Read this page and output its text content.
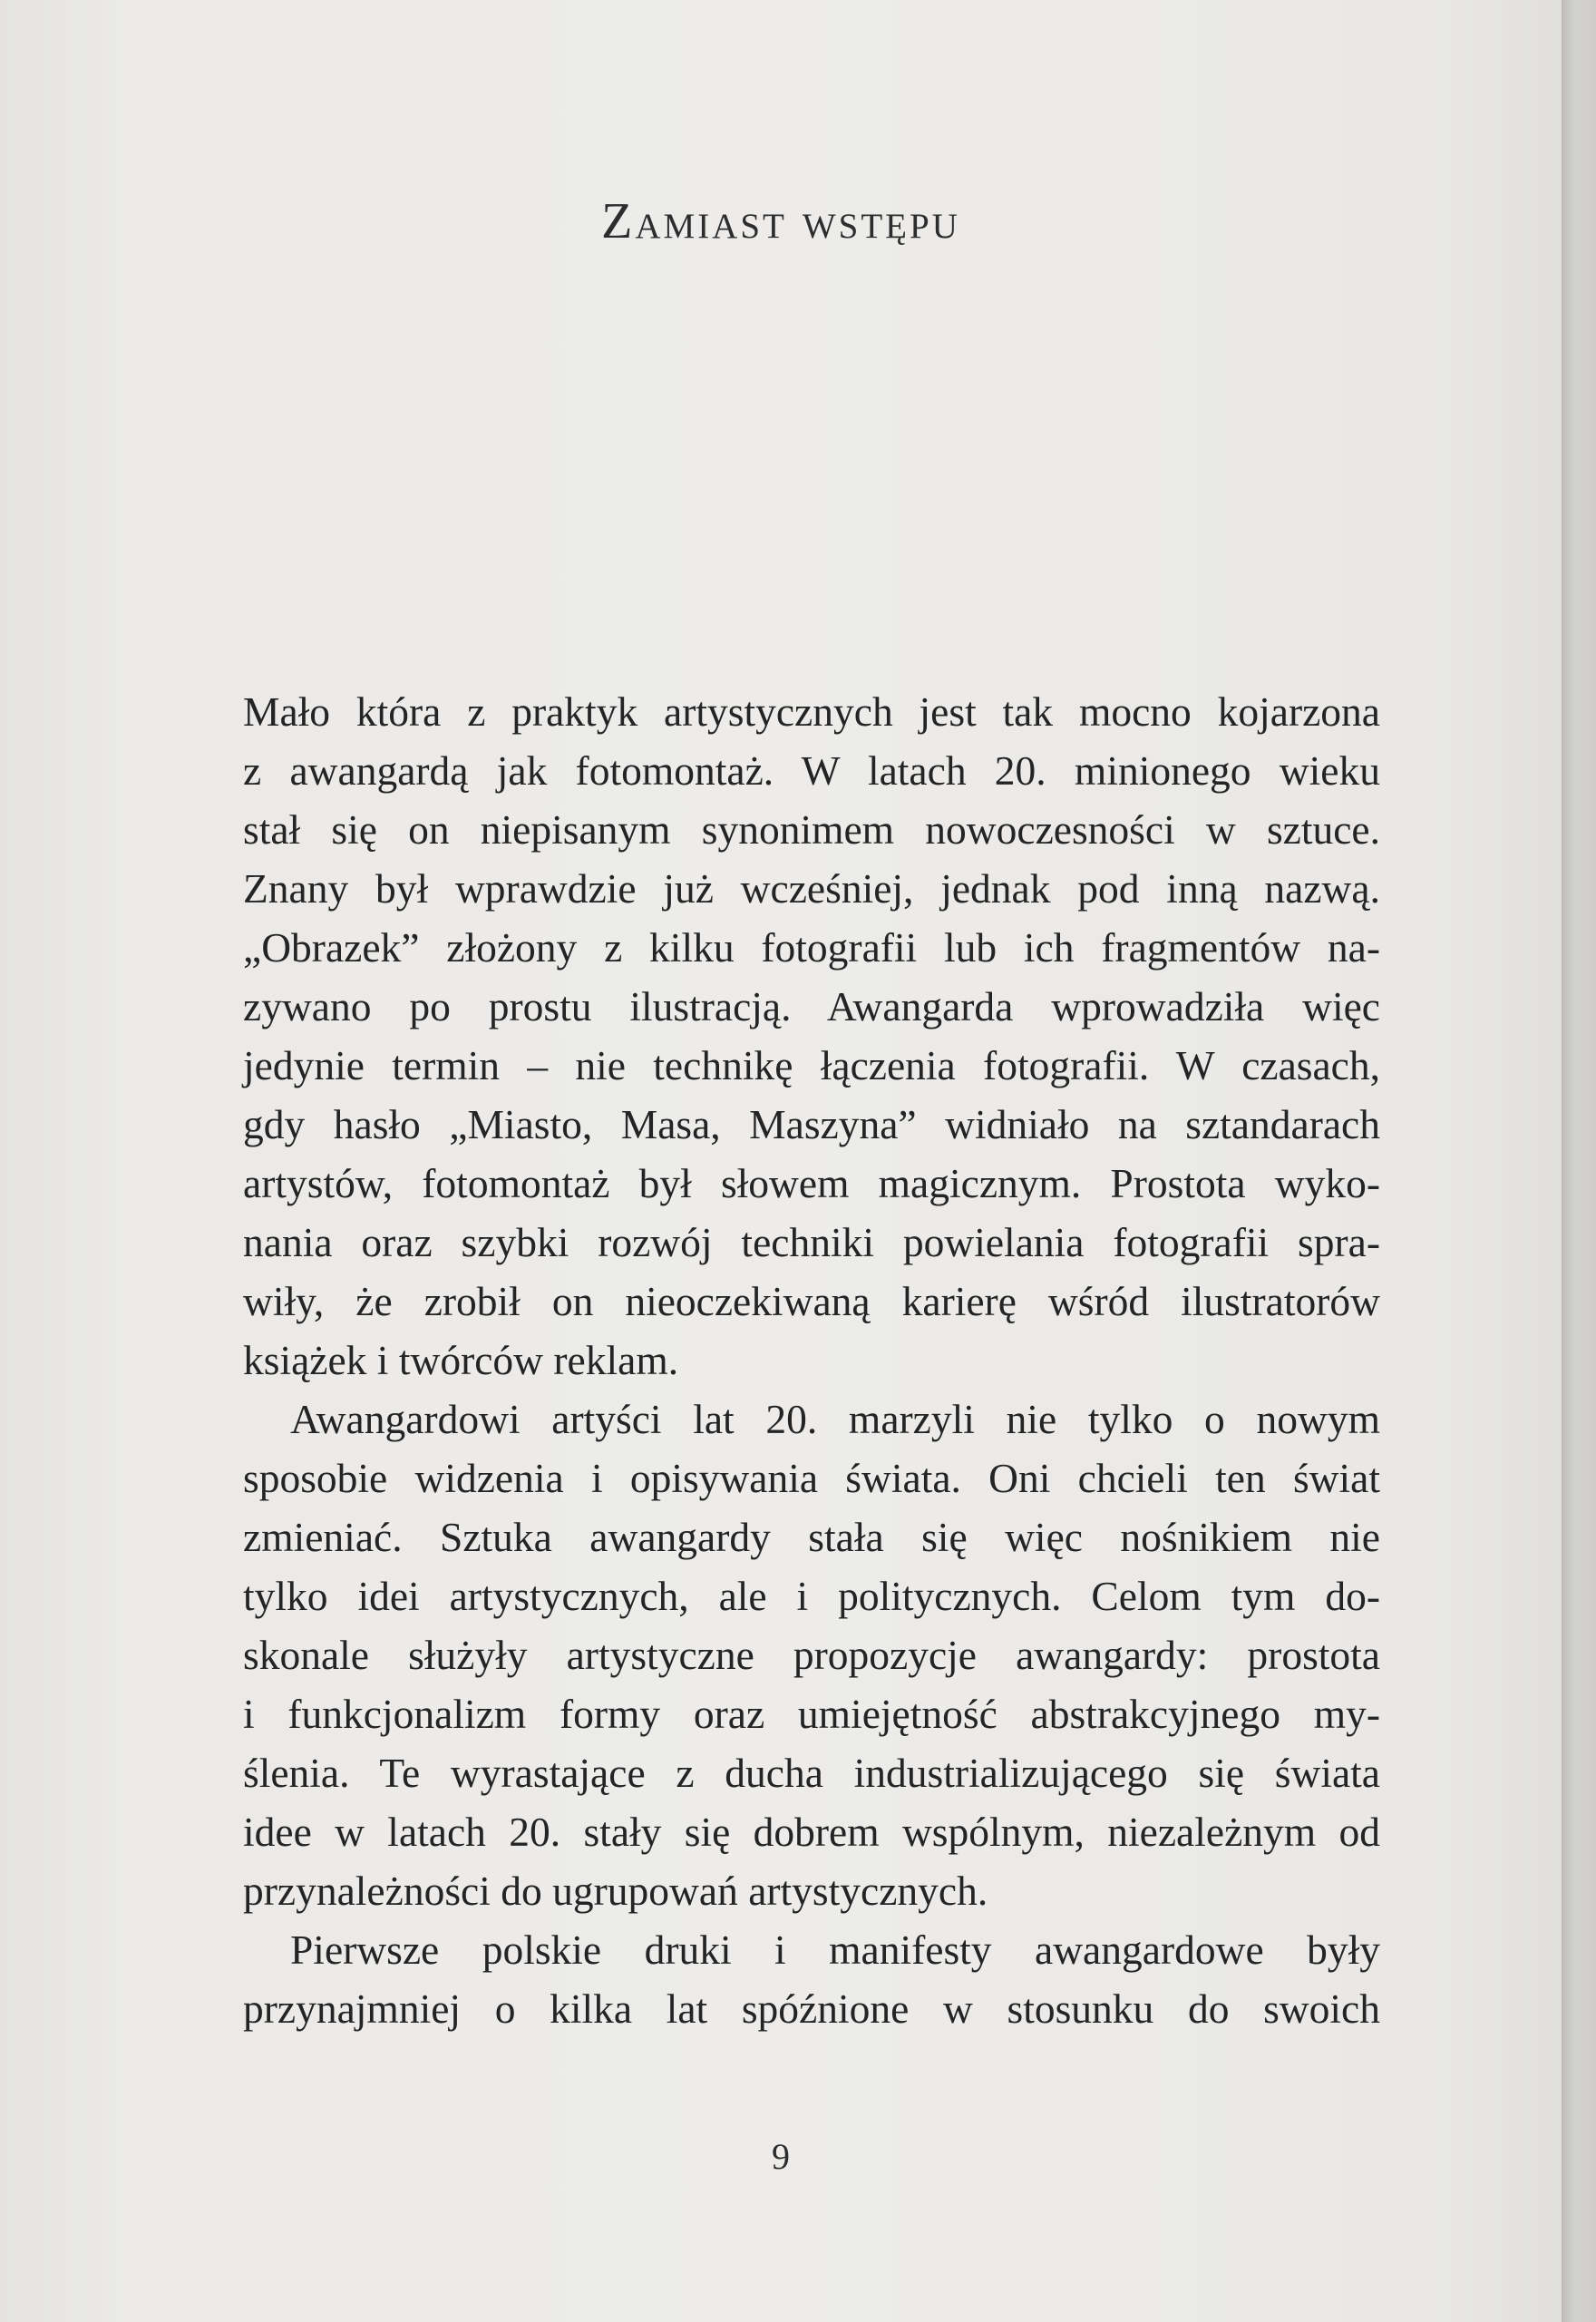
Zamiast wstępu
Mało która z praktyk artystycznych jest tak mocno kojarzona
z awangardą jak fotomontaż. W latach 20. minionego wieku
stał się on niepisanym synonimem nowoczesności w sztuce.
Znany był wprawdzie już wcześniej, jednak pod inną nazwą.
„Obrazek” złożony z kilku fotografii lub ich fragmentów na-
zywano po prostu ilustracją. Awangarda wprowadziła więc
jedynie termin – nie technikę łączenia fotografii. W czasach,
gdy hasło „Miasto, Masa, Maszyna” widniało na sztandarach
artystów, fotomontaż był słowem magicznym. Prostota wyko-
nania oraz szybki rozwój techniki powielania fotografii spra-
wiły, że zrobił on nieoczekiwaną karierę wśród ilustratorów
książek i twórców reklam.
Awangardowi artyści lat 20. marzyli nie tylko o nowym
sposobie widzenia i opisywania świata. Oni chcieli ten świat
zmieniać. Sztuka awangardy stała się więc nośnikiem nie
tylko idei artystycznych, ale i politycznych. Celom tym do-
skonale służyły artystyczne propozycje awangardy: prostota
i funkcjonalizm formy oraz umiejętność abstrakcyjnego my-
ślenia. Te wyrastające z ducha industrializującego się świata
idee w latach 20. stały się dobrem wspólnym, niezależnym od
przynależności do ugrupowań artystycznych.
Pierwsze polskie druki i manifesty awangardowe były
przynajmniej o kilka lat spóźnione w stosunku do swoich
9
